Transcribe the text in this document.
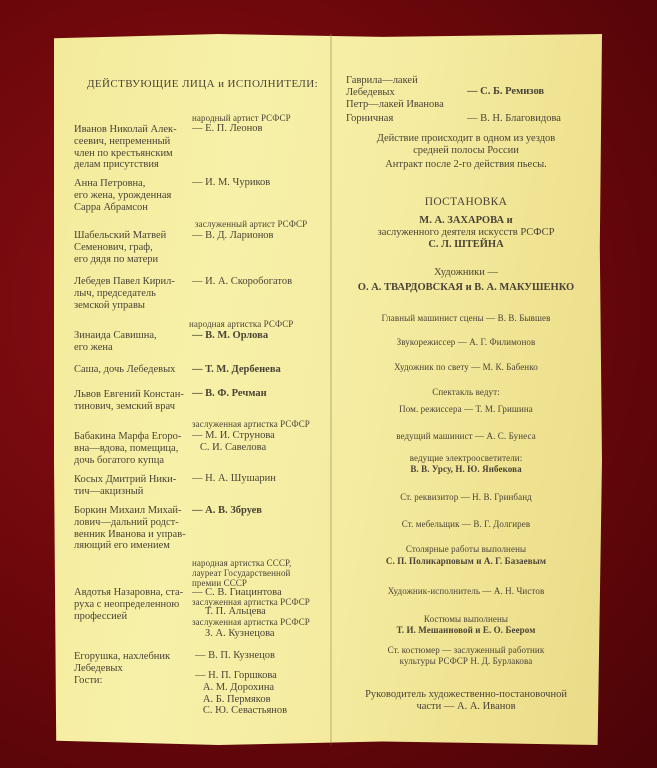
ДЕЙСТВУЮЩИЕ ЛИЦА и ИСПОЛНИТЕЛИ:
народный артист РСФСР
Иванов Николай Алек-
сеевич, непременный
член по крестьянским
делам присутствия
— Е. П. Леонов
Анна Петровна,
его жена, урожденная
Сарра Абрамсон
— И. М. Чуриков
заслуженный артист РСФСР
Шабельский Матвей
Семенович, граф,
его дядя по матери
— В. Д. Ларионов
Лебедев Павел Кирил-
лыч, председатель
земской управы
— И. А. Скоробогатов
народная артистка РСФСР
Зинаида Савишна,
его жена
— В. М. Орлова
Саша, дочь Лебедевых — Т. М. Дербенева
Львов Евгений Констан-
тинович, земский врач
— В. Ф. Речман
заслуженная артистка РСФСР
Бабакина Марфа Егоро-
вна—вдова, помещица,
дочь богатого купца
— М. И. Струнова
С. И. Савелова
Косых Дмитрий Ники-
тич—акцизный
— Н. А. Шушарин
Боркин Михаил Михай-
лович—дальний родст-
венник Иванова и управ-
ляющий его имением
— А. В. Збруев
народная артистка СССР,
лауреат Государственной
премии СССР
Авдотья Назаровна, ста-
руха с неопределенною
профессией
— С. В. Гиацинтова
заслуженная артистка РСФСР
Т. П. Альцева
заслуженная артистка РСФСР
З. А. Кузнецова
Егорушка, нахлебник
Лебедевых
Гости:
— В. П. Кузнецов
— Н. П. Горшкова
А. М. Дорохина
А. Б. Пермяков
С. Ю. Севастьянов
Гаврила—лакей
Лебедевых
Петр—лакей Иванова
— С. Б. Ремизов
Горничная	— В. Н. Благовидова
Действие происходит в одном из уездов
средней полосы России
Антракт после 2-го действия пьесы.
ПОСТАНОВКА
М. А. ЗАХАРОВА и
заслуженного деятеля искусств РСФСР
С. Л. ШТЕЙНА
Художники —
О. А. ТВАРДОВСКАЯ и В. А. МАКУШЕНКО
Главный машинист сцены — В. В. Бывшев
Звукорежиссер — А. Г. Филимонов
Художник по свету — М. К. Бабенко
Спектакль ведут:
Пом. режиссера — Т. М. Гришина
ведущий машинист — А. С. Бунеса
ведущие электроосветители:
В. В. Урсу, Н. Ю. Янбекова
Ст. реквизитор — Н. В. Гринбанд
Ст. мебельщик — В. Г. Долгирев
Столярные работы выполнены
С. П. Поликарповым и А. Г. Базаевым
Художник-исполнитель — А. Н. Чистов
Костюмы выполнены
Т. И. Мешанновой и Е. О. Беером
Ст. костюмер — заслуженный работник
культуры РСФСР Н. Д. Бурлакова
Руководитель художественно-постановочной
части — А. А. Иванов
